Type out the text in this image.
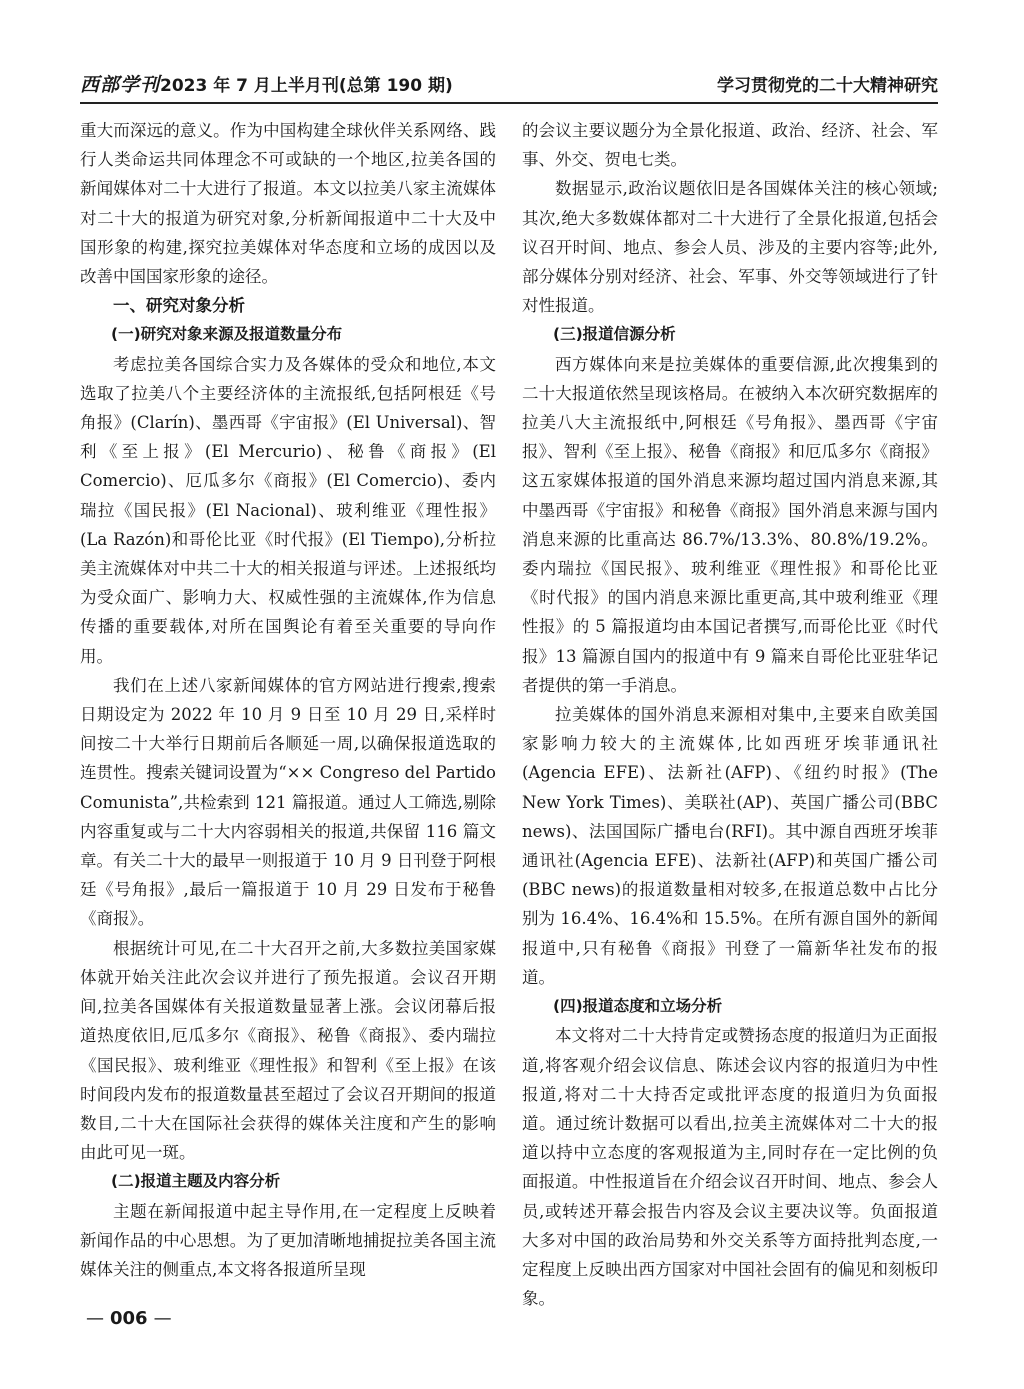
西部学刊 2023 年 7 月上半月刊(总第 190 期)	学习贯彻党的二十大精神研究

重大而深远的意义。作为中国构建全球伙伴关系网络、践行人类命运共同体理念不可或缺的一个地区,拉美各国的新闻媒体对二十大进行了报道。本文以拉美八家主流媒体对二十大的报道为研究对象,分析新闻报道中二十大及中国形象的构建,探究拉美媒体对华态度和立场的成因以及改善中国国家形象的途径。

一、研究对象分析
(一)研究对象来源及报道数量分布

考虑拉美各国综合实力及各媒体的受众和地位,本文选取了拉美八个主要经济体的主流报纸,包括阿根廷《号角报》(Clarín)、墨西哥《宇宙报》(El Universal)、智利《至上报》(El Mercurio)、秘鲁《商报》(El Comercio)、厄瓜多尔《商报》(El Comercio)、委内瑞拉《国民报》(El Nacional)、玻利维亚《理性报》(La Razón)和哥伦比亚《时代报》(El Tiempo),分析拉美主流媒体对中共二十大的相关报道与评述。上述报纸均为受众面广、影响力大、权威性强的主流媒体,作为信息传播的重要载体,对所在国舆论有着至关重要的导向作用。

我们在上述八家新闻媒体的官方网站进行搜索,搜索日期设定为 2022 年 10 月 9 日至 10 月 29 日,采样时间按二十大举行日期前后各顺延一周,以确保报道选取的连贯性。搜索关键词设置为“×× Congreso del Partido Comunista”,共检索到 121 篇报道。通过人工筛选,剔除内容重复或与二十大内容弱相关的报道,共保留 116 篇文章。有关二十大的最早一则报道于 10 月 9 日刊登于阿根廷《号角报》,最后一篇报道于 10 月 29 日发布于秘鲁《商报》。

根据统计可见,在二十大召开之前,大多数拉美国家媒体就开始关注此次会议并进行了预先报道。会议召开期间,拉美各国媒体有关报道数量显著上涨。会议闭幕后报道热度依旧,厄瓜多尔《商报》、秘鲁《商报》、委内瑞拉《国民报》、玻利维亚《理性报》和智利《至上报》在该时间段内发布的报道数量甚至超过了会议召开期间的报道数目,二十大在国际社会获得的媒体关注度和产生的影响由此可见一斑。

(二)报道主题及内容分析

主题在新闻报道中起主导作用,在一定程度上反映着新闻作品的中心思想。为了更加清晰地捕捉拉美各国主流媒体关注的侧重点,本文将各报道所呈现

的会议主要议题分为全景化报道、政治、经济、社会、军事、外交、贺电七类。

数据显示,政治议题依旧是各国媒体关注的核心领域;其次,绝大多数媒体都对二十大进行了全景化报道,包括会议召开时间、地点、参会人员、涉及的主要内容等;此外,部分媒体分别对经济、社会、军事、外交等领域进行了针对性报道。

(三)报道信源分析

西方媒体向来是拉美媒体的重要信源,此次搜集到的二十大报道依然呈现该格局。在被纳入本次研究数据库的拉美八大主流报纸中,阿根廷《号角报》、墨西哥《宇宙报》、智利《至上报》、秘鲁《商报》和厄瓜多尔《商报》这五家媒体报道的国外消息来源均超过国内消息来源,其中墨西哥《宇宙报》和秘鲁《商报》国外消息来源与国内消息来源的比重高达 86.7%/13.3%、80.8%/19.2%。委内瑞拉《国民报》、玻利维亚《理性报》和哥伦比亚《时代报》的国内消息来源比重更高,其中玻利维亚《理性报》的 5 篇报道均由本国记者撰写,而哥伦比亚《时代报》13 篇源自国内的报道中有 9 篇来自哥伦比亚驻华记者提供的第一手消息。

拉美媒体的国外消息来源相对集中,主要来自欧美国家影响力较大的主流媒体,比如西班牙埃菲通讯社(Agencia EFE)、法新社(AFP)、《纽约时报》(The New York Times)、美联社(AP)、英国广播公司(BBC news)、法国国际广播电台(RFI)。其中源自西班牙埃菲通讯社(Agencia EFE)、法新社(AFP)和英国广播公司(BBC news)的报道数量相对较多,在报道总数中占比分别为 16.4%、16.4%和 15.5%。在所有源自国外的新闻报道中,只有秘鲁《商报》刊登了一篇新华社发布的报道。

(四)报道态度和立场分析

本文将对二十大持肯定或赞扬态度的报道归为正面报道,将客观介绍会议信息、陈述会议内容的报道归为中性报道,将对二十大持否定或批评态度的报道归为负面报道。通过统计数据可以看出,拉美主流媒体对二十大的报道以持中立态度的客观报道为主,同时存在一定比例的负面报道。中性报道旨在介绍会议召开时间、地点、参会人员,或转述开幕会报告内容及会议主要决议等。负面报道大多对中国的政治局势和外交关系等方面持批判态度,一定程度上反映出西方国家对中国社会固有的偏见和刻板印象。

— 006 —
